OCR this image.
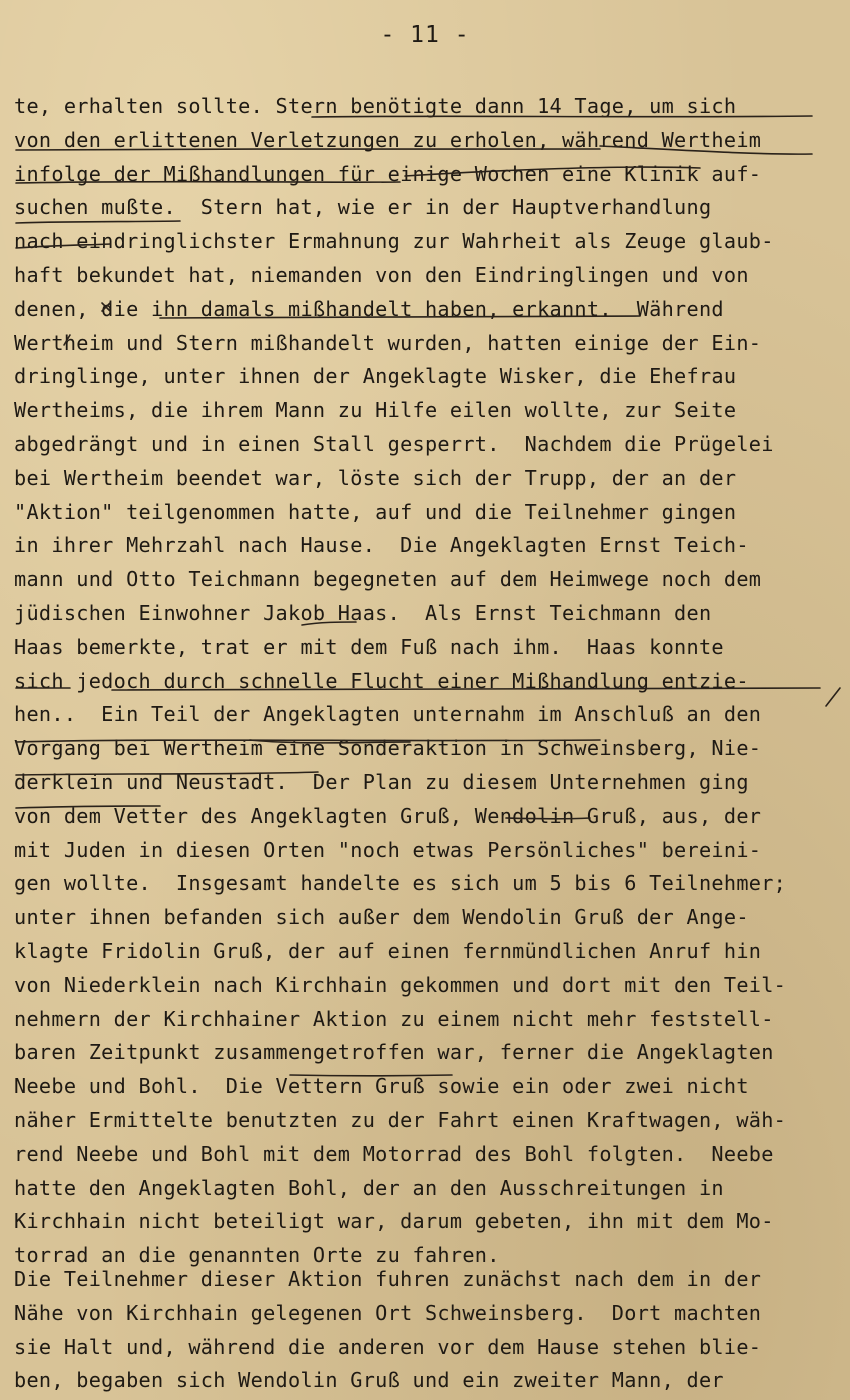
- 11 -
te, erhalten sollte. Stern benötigte dann 14 Tage, um sich
von den erlittenen Verletzungen zu erholen, während Wertheim
infolge der Mißhandlungen für einige Wochen eine Klinik auf-
suchen mußte.  Stern hat, wie er in der Hauptverhandlung
nach eindringlichster Ermahnung zur Wahrheit als Zeuge glaub-
haft bekundet hat, niemanden von den Eindringlingen und von
denen, die ihn damals mißhandelt haben, erkannt.  Während
Wertheim und Stern mißhandelt wurden, hatten einige der Ein-
dringlinge, unter ihnen der Angeklagte Wisker, die Ehefrau
Wertheims, die ihrem Mann zu Hilfe eilen wollte, zur Seite
abgedrängt und in einen Stall gesperrt.  Nachdem die Prügelei
bei Wertheim beendet war, löste sich der Trupp, der an der
"Aktion" teilgenommen hatte, auf und die Teilnehmer gingen
in ihrer Mehrzahl nach Hause.  Die Angeklagten Ernst Teich-
mann und Otto Teichmann begegneten auf dem Heimwege noch dem
jüdischen Einwohner Jakob Haas.  Als Ernst Teichmann den
Haas bemerkte, trat er mit dem Fuß nach ihm.  Haas konnte
sich jedoch durch schnelle Flucht einer Mißhandlung entzie-
hen..  Ein Teil der Angeklagten unternahm im Anschluß an den
Vorgang bei Wertheim eine Sonderaktion in Schweinsberg, Nie-
derklein und Neustadt.  Der Plan zu diesem Unternehmen ging
von dem Vetter des Angeklagten Gruß, Wendolin Gruß, aus, der
mit Juden in diesen Orten "noch etwas Persönliches" bereini-
gen wollte.  Insgesamt handelte es sich um 5 bis 6 Teilnehmer;
unter ihnen befanden sich außer dem Wendolin Gruß der Ange-
klagte Fridolin Gruß, der auf einen fernmündlichen Anruf hin
von Niederklein nach Kirchhain gekommen und dort mit den Teil-
nehmern der Kirchhainer Aktion zu einem nicht mehr feststell-
baren Zeitpunkt zusammengetroffen war, ferner die Angeklagten
Neebe und Bohl.  Die Vettern Gruß sowie ein oder zwei nicht
näher Ermittelte benutzten zu der Fahrt einen Kraftwagen, wäh-
rend Neebe und Bohl mit dem Motorrad des Bohl folgten.  Neebe
hatte den Angeklagten Bohl, der an den Ausschreitungen in
Kirchhain nicht beteiligt war, darum gebeten, ihn mit dem Mo-
torrad an die genannten Orte zu fahren.
Die Teilnehmer dieser Aktion fuhren zunächst nach dem in der
Nähe von Kirchhain gelegenen Ort Schweinsberg.  Dort machten
sie Halt und, während die anderen vor dem Hause stehen blie-
ben, begaben sich Wendolin Gruß und ein zweiter Mann, der
